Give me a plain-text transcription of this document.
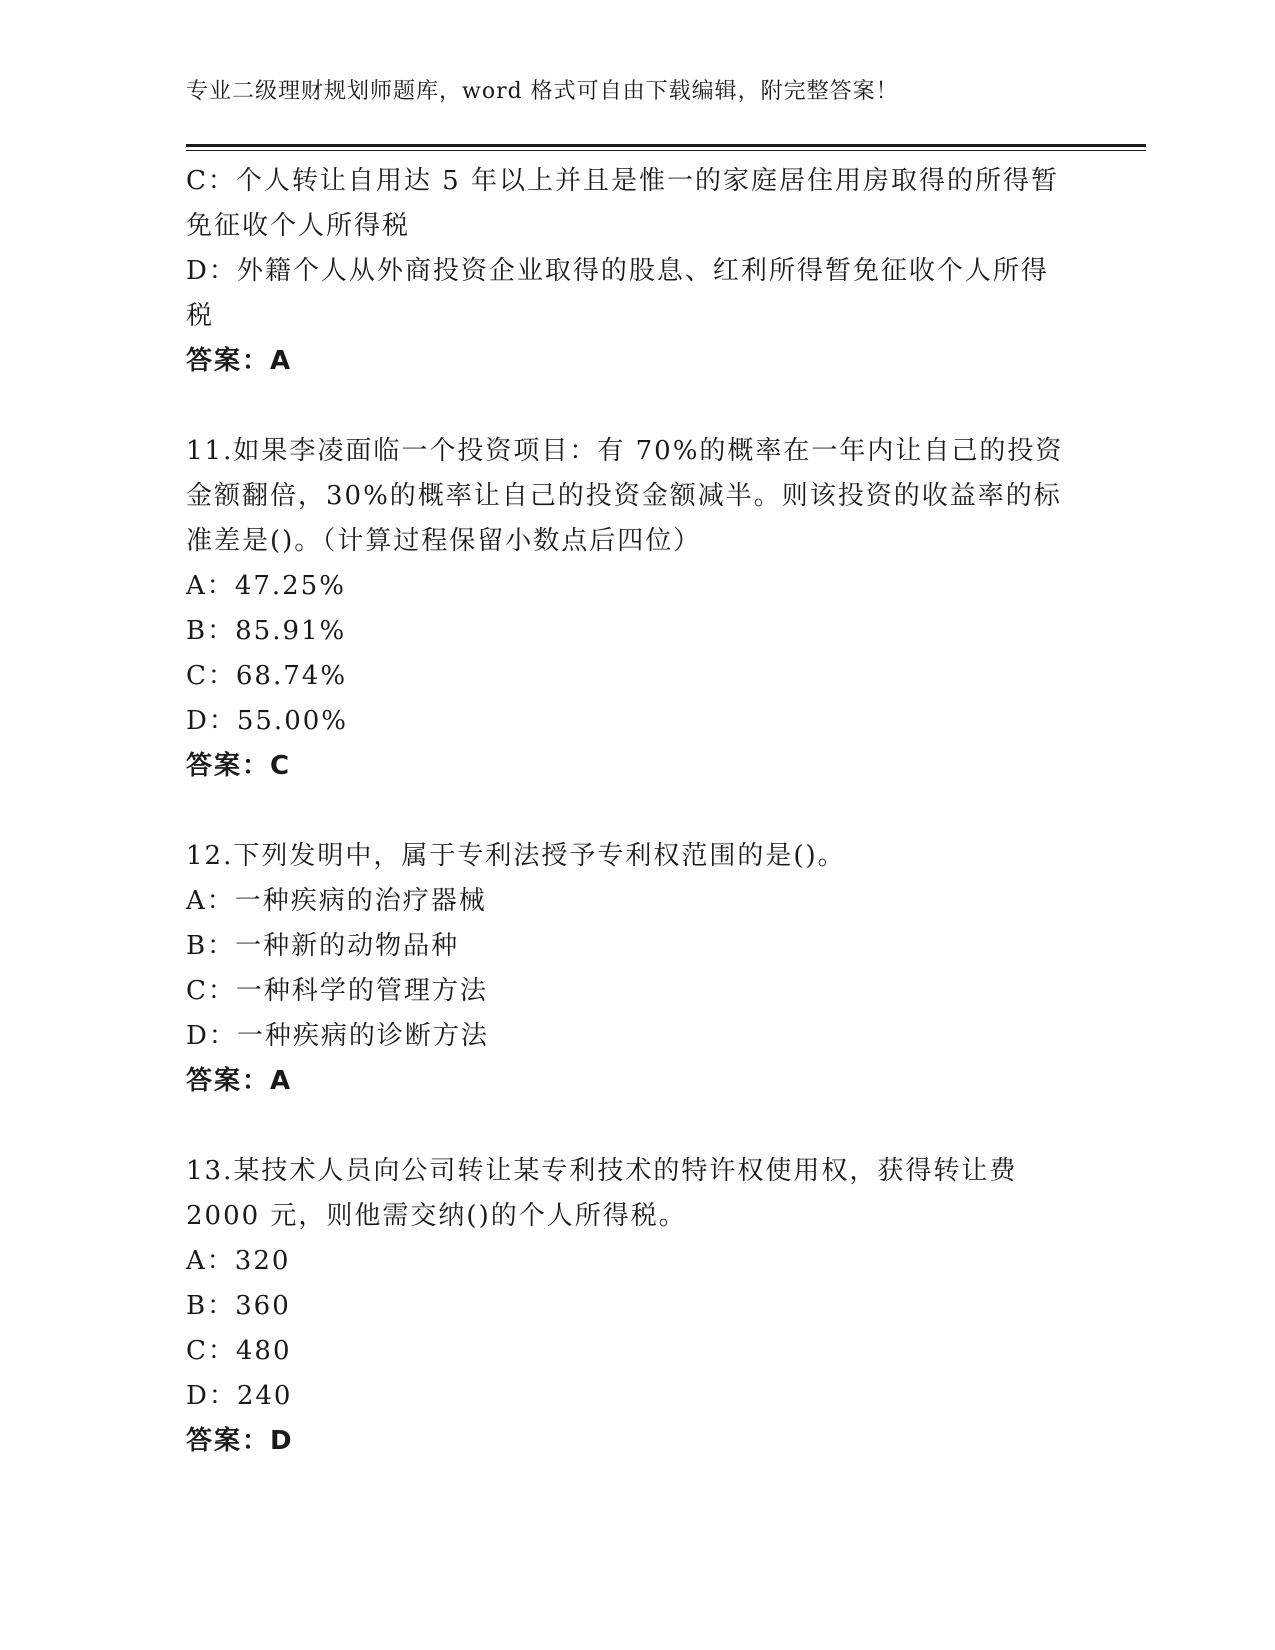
专业二级理财规划师题库，word 格式可自由下载编辑，附完整答案！
C：个人转让自用达 5 年以上并且是惟一的家庭居住用房取得的所得暂
免征收个人所得税
D：外籍个人从外商投资企业取得的股息、红利所得暂免征收个人所得
税
答案：A
11.如果李凌面临一个投资项目：有 70%的概率在一年内让自己的投资
金额翻倍，30%的概率让自己的投资金额减半。则该投资的收益率的标
准差是()。（计算过程保留小数点后四位）
A：47.25%
B：85.91%
C：68.74%
D：55.00%
答案：C
12.下列发明中，属于专利法授予专利权范围的是()。
A：一种疾病的治疗器械
B：一种新的动物品种
C：一种科学的管理方法
D：一种疾病的诊断方法
答案：A
13.某技术人员向公司转让某专利技术的特许权使用权，获得转让费
2000 元，则他需交纳()的个人所得税。
A：320
B：360
C：480
D：240
答案：D
